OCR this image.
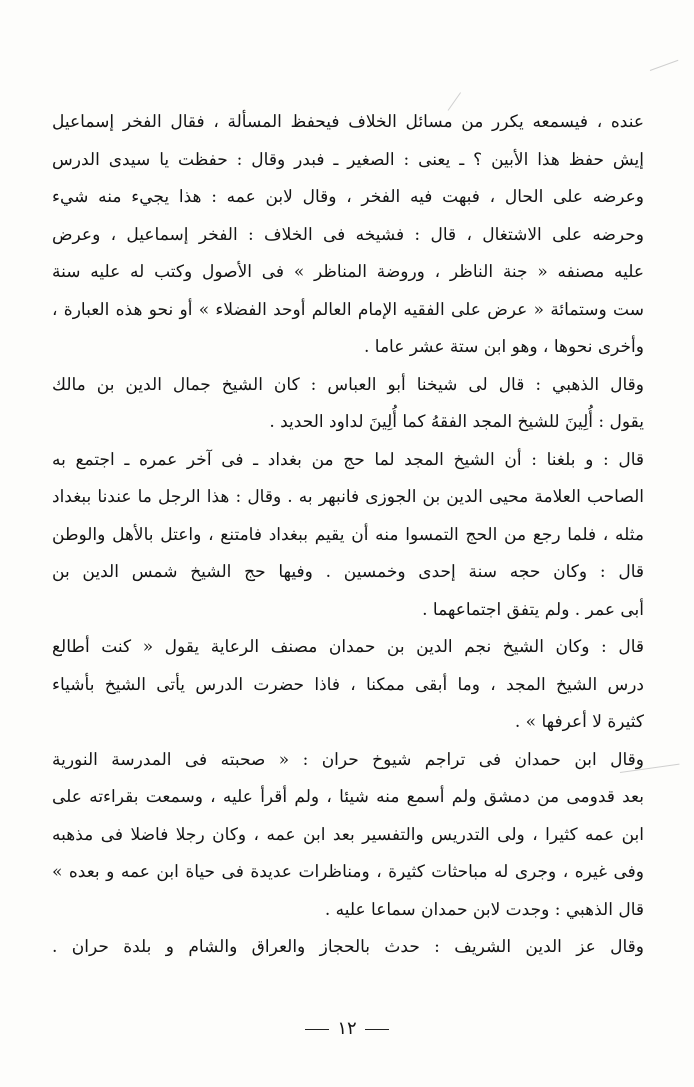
عنده ، فيسمعه يكرر من مسائل الخلاف فيحفظ المسألة ، فقال الفخر إسماعيل
إيش حفظ هذا الأبين ؟ ـ يعنى : الصغير ـ فبدر وقال : حفظت يا سيدى الدرس
وعرضه على الحال ، فبهت فيه الفخر ، وقال لابن عمه : هذا يجيء منه شيء
وحرضه على الاشتغال ، قال : فشيخه فى الخلاف : الفخر إسماعيل ، وعرض
عليه مصنفه « جنة الناظر ، وروضة المناظر » فى الأصول وكتب له عليه سنة
ست وستمائة « عرض على الفقيه الإمام العالم أوحد الفضلاء » أو نحو هذه العبارة ،
وأخرى نحوها ، وهو ابن ستة عشر عاما .
وقال الذهبي : قال لى شيخنا أبو العباس : كان الشيخ جمال الدين بن مالك
يقول : أُلِينَ للشيخ المجد الفقهُ كما أُلِينَ لداود الحديد .
قال : و بلغنا : أن الشيخ المجد لما حج من بغداد ـ فى آخر عمره ـ اجتمع به
الصاحب العلامة محيى الدين بن الجوزى فانبهر به . وقال : هذا الرجل ما عندنا ببغداد
مثله ، فلما رجع من الحج التمسوا منه أن يقيم ببغداد فامتنع ، واعتل بالأهل والوطن
قال : وكان حجه سنة إحدى وخمسين . وفيها حج الشيخ شمس الدين بن
أبى عمر . ولم يتفق اجتماعهما .
قال : وكان الشيخ نجم الدين بن حمدان مصنف الرعاية يقول « كنت أطالع
درس الشيخ المجد ، وما أبقى ممكنا ، فاذا حضرت الدرس يأتى الشيخ بأشياء
كثيرة لا أعرفها » .
وقال ابن حمدان فى تراجم شيوخ حران : « صحبته فى المدرسة النورية
بعد قدومى من دمشق ولم أسمع منه شيئا ، ولم أقرأ عليه ، وسمعت بقراءته على
ابن عمه كثيرا ، ولى التدريس والتفسير بعد ابن عمه ، وكان رجلا فاضلا فى مذهبه
وفى غيره ، وجرى له مباحثات كثيرة ، ومناظرات عديدة فى حياة ابن عمه و بعده »
قال الذهبي : وجدت لابن حمدان سماعا عليه .
وقال عز الدين الشريف : حدث بالحجاز والعراق والشام و بلدة حران .
١٢
